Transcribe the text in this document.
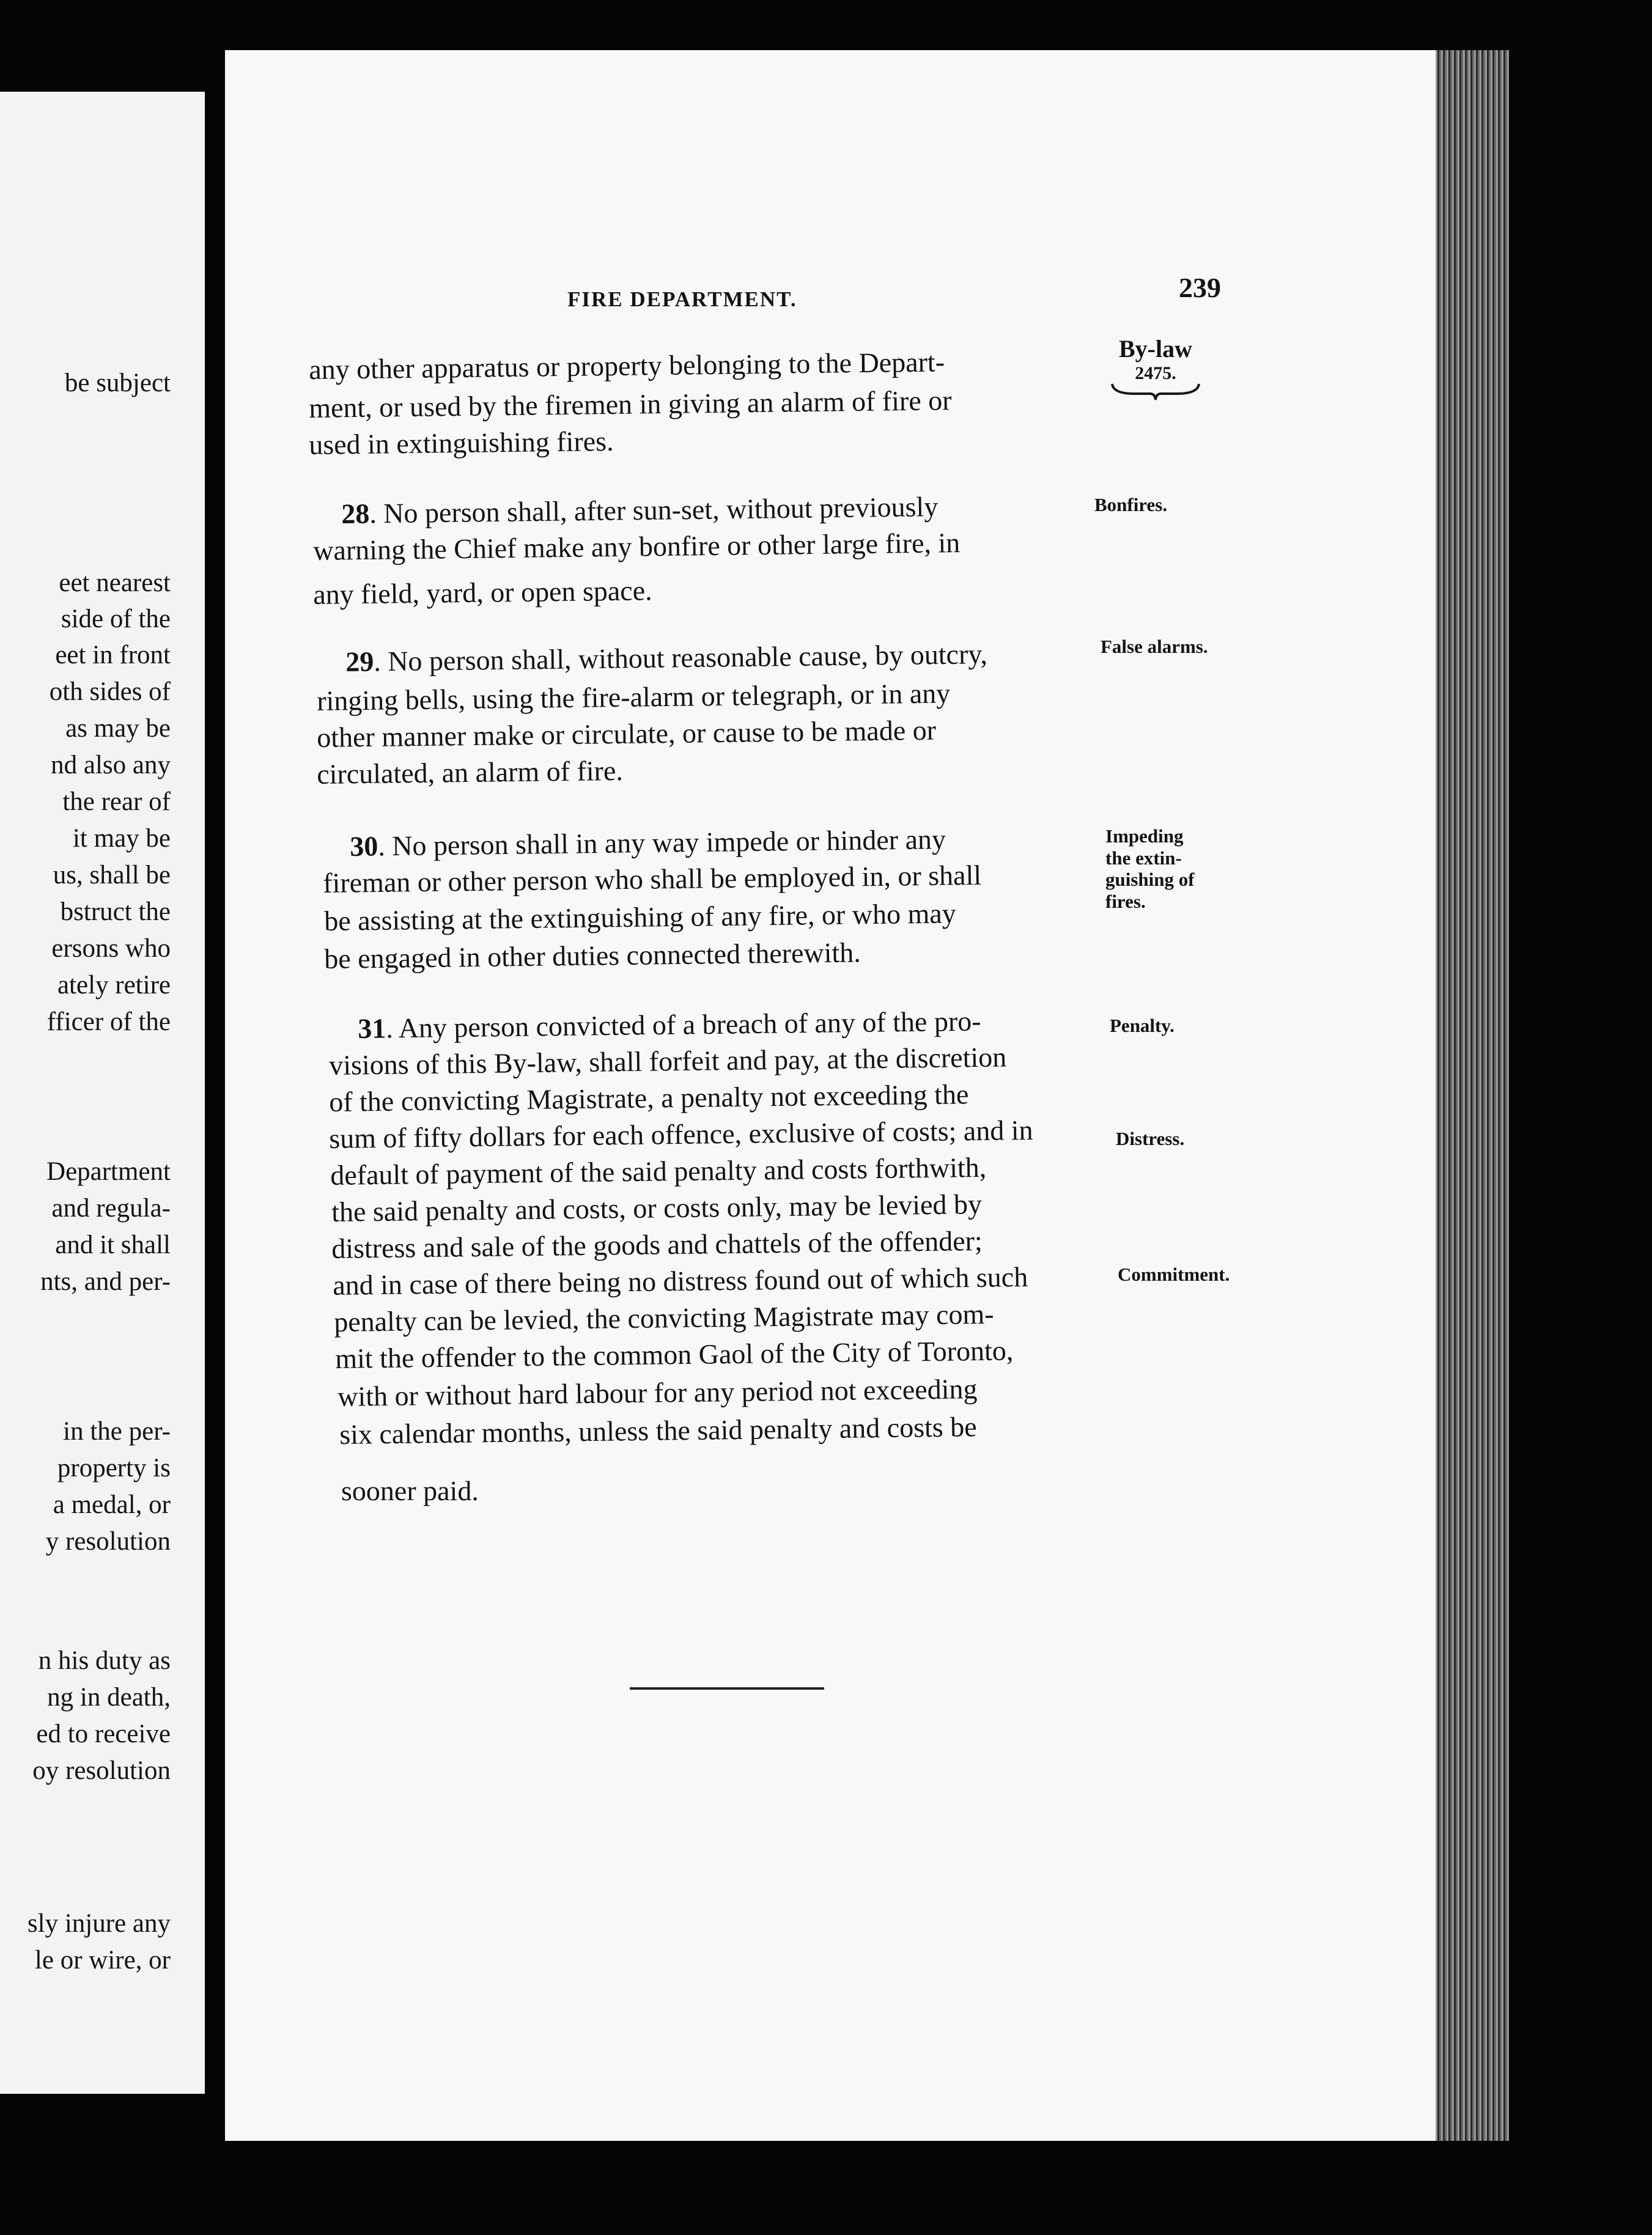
be subject
eet nearest
side of the
eet in front
oth sides of
as may be
nd also any
the rear of
it may be
us, shall be
bstruct the
ersons who
ately retire
fficer of the
Department
and regula-
and it shall
nts, and per-
in the per-
property is
a medal, or
y resolution
n his duty as
ng in death,
ed to receive
oy resolution
sly injure any
le or wire, or
FIRE DEPARTMENT.	239
By-law
2475.
Bonfires.
False alarms.
Impeding
the extin-
guishing of
fires.
Penalty.
Distress.
Commitment.
any other apparatus or property belonging to the Depart-
ment, or used by the firemen in giving an alarm of fire or
used in extinguishing fires.
28. No person shall, after sun-set, without previously
warning the Chief make any bonfire or other large fire, in
any field, yard, or open space.
29. No person shall, without reasonable cause, by outcry,
ringing bells, using the fire-alarm or telegraph, or in any
other manner make or circulate, or cause to be made or
circulated, an alarm of fire.
30. No person shall in any way impede or hinder any
fireman or other person who shall be employed in, or shall
be assisting at the extinguishing of any fire, or who may
be engaged in other duties connected therewith.
31. Any person convicted of a breach of any of the pro-
visions of this By-law, shall forfeit and pay, at the discretion
of the convicting Magistrate, a penalty not exceeding the
sum of fifty dollars for each offence, exclusive of costs; and in
default of payment of the said penalty and costs forthwith,
the said penalty and costs, or costs only, may be levied by
distress and sale of the goods and chattels of the offender;
and in case of there being no distress found out of which such
penalty can be levied, the convicting Magistrate may com-
mit the offender to the common Gaol of the City of Toronto,
with or without hard labour for any period not exceeding
six calendar months, unless the said penalty and costs be
sooner paid.
